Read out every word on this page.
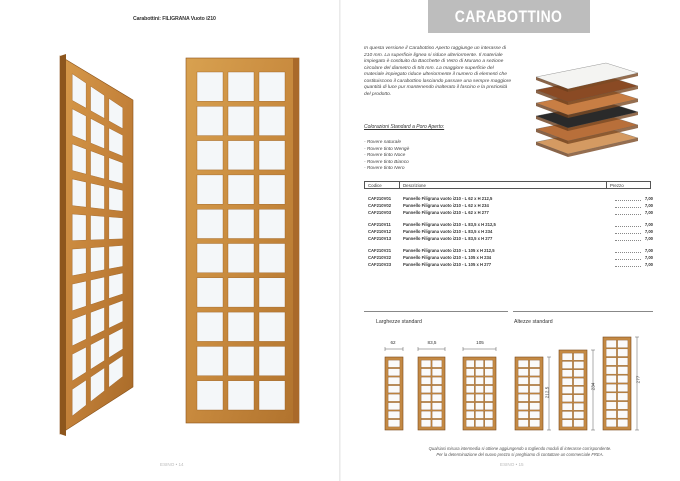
Carabottini: FILIGRANA Vuoto i210
ESINO • 14
CARABOTTINO

In questa versione il Carabottino Aperto raggiunge un interasse di 210 mm. La superficie lignea si riduce ulteriormente. Il materiale impiegato è costituito da Bacchette di Vetro di Murano a sezione circolare del diametro di 5/6 mm. La maggiore superficie del materiale impiegato riduce ulteriormente il numero di elementi che costituiscono il carabottino lasciando passare una sempre maggiore quantità di luce pur mantenendo inalterato il fascino e la preziosità del prodotto.

Colorazioni Standard a Poro Aperto:
- Rovere naturale
- Rovere tinto Wengè
- Rovere tinto Noce
- Rovere tinto Bianco
- Rovere tinto Nero
Codice	Descrizione	Prezzo
CAF210V01	Pannello Filigrana vuoto i210 - L 62 x H 212,5	7,00
CAF210V02	Pannello Filigrana vuoto i210 - L 62 x H 234	7,00
CAF210V03	Pannello Filigrana vuoto i210 - L 62 x H 277	7,00
CAF210V11	Pannello Filigrana vuoto i210 - L 83,5 x H 212,5	7,00
CAF210V12	Pannello Filigrana vuoto i210 - L 83,5 x H 234	7,00
CAF210V13	Pannello Filigrana vuoto i210 - L 83,5 x H 277	7,00
CAF210V21	Pannello Filigrana vuoto i210 - L 105 x H 212,5	7,00
CAF210V22	Pannello Filigrana vuoto i210 - L 105 x H 234	7,00
CAF210V23	Pannello Filigrana vuoto i210 - L 105 x H 277	7,00
Larghezze standard	Altezze standard
62	83,5	105
212,5
234
277
Qualsiasi misura intermedia si ottiene aggiungendo o togliendo moduli di interasse corrispondente.
Per la determinazione del nuovo prezzo si preghiamo di contattare un commerciale FREA.
ESINO • 15
